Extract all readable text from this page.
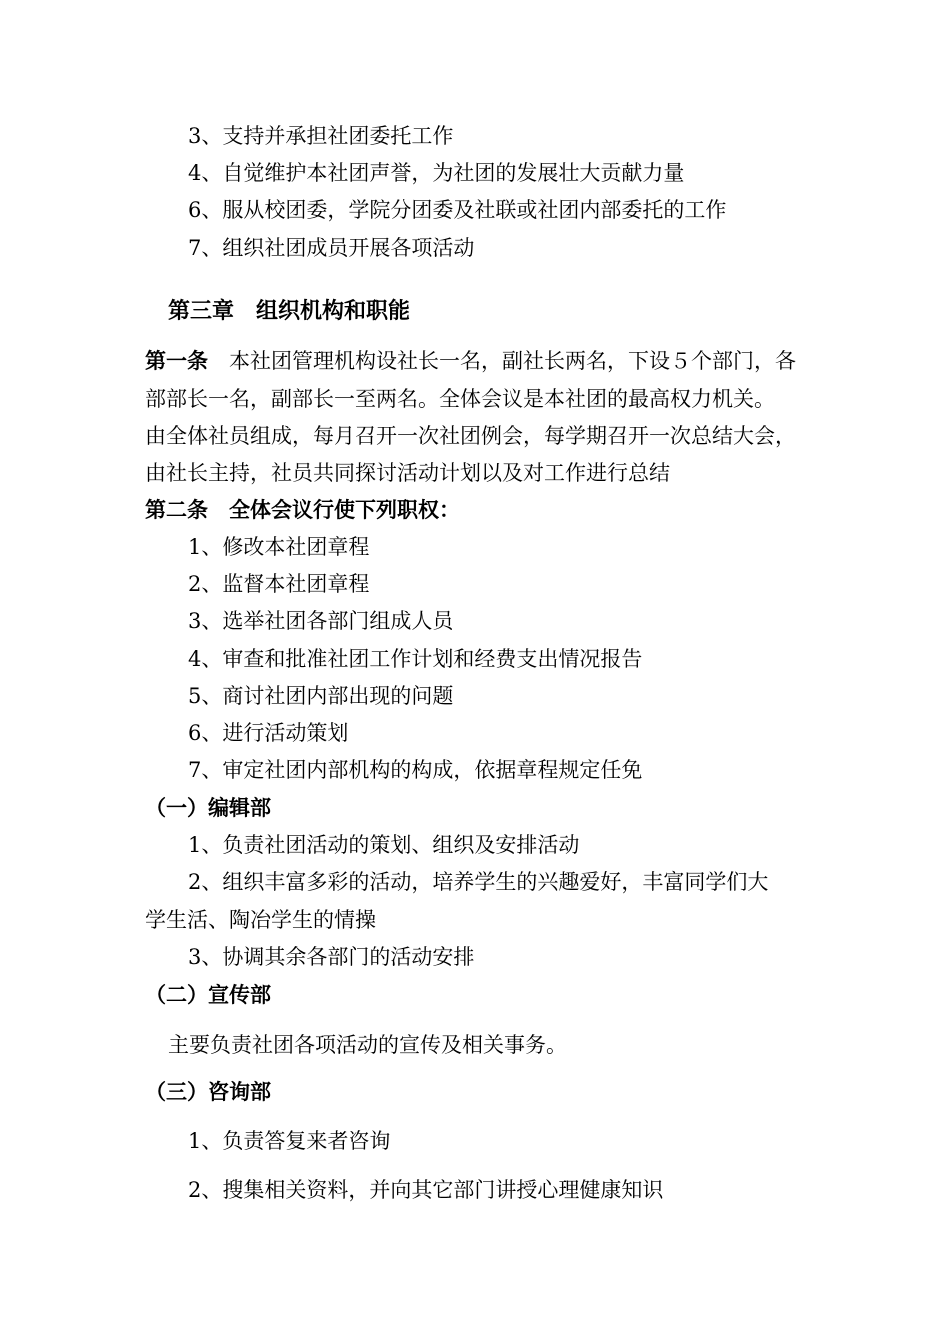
3、支持并承担社团委托工作
4、自觉维护本社团声誉，为社团的发展壮大贡献力量
6、服从校团委，学院分团委及社联或社团内部委托的工作
7、组织社团成员开展各项活动
第三章　组织机构和职能
第一条　 本社团管理机构设社长一名，副社长两名，下设５个部门，各
部部长一名，副部长一至两名。全体会议是本社团的最高权力机关。
由全体社员组成，每月召开一次社团例会，每学期召开一次总结大会，
由社长主持，社员共同探讨活动计划以及对工作进行总结
第二条　 全体会议行使下列职权：
1、修改本社团章程
2、监督本社团章程
3、选举社团各部门组成人员
4、审查和批准社团工作计划和经费支出情况报告
5、商讨社团内部出现的问题
6、进行活动策划
7、审定社团内部机构的构成，依据章程规定任免
（一）编辑部
1、负责社团活动的策划、组织及安排活动
2、组织丰富多彩的活动，培养学生的兴趣爱好，丰富同学们大
学生活、陶冶学生的情操
3、协调其余各部门的活动安排
（二）宣传部
主要负责社团各项活动的宣传及相关事务。
（三）咨询部
1、负责答复来者咨询
2、搜集相关资料，并向其它部门讲授心理健康知识
